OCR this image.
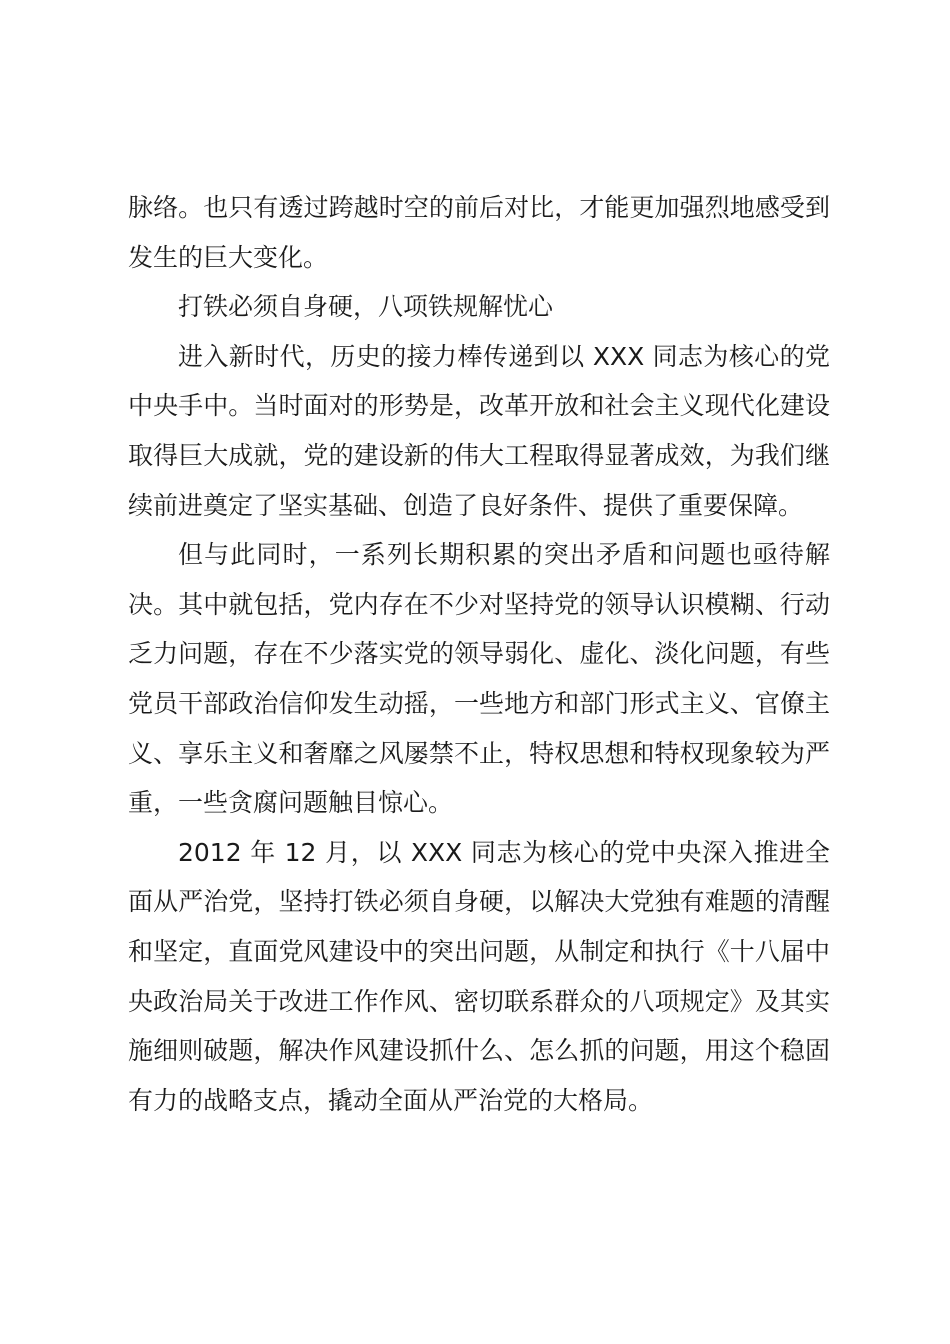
脉络。也只有透过跨越时空的前后对比，才能更加强烈地感受到发生的巨大变化。

打铁必须自身硬，八项铁规解忧心

进入新时代，历史的接力棒传递到以 XXX 同志为核心的党中央手中。当时面对的形势是，改革开放和社会主义现代化建设取得巨大成就，党的建设新的伟大工程取得显著成效，为我们继续前进奠定了坚实基础、创造了良好条件、提供了重要保障。

但与此同时，一系列长期积累的突出矛盾和问题也亟待解决。其中就包括，党内存在不少对坚持党的领导认识模糊、行动乏力问题，存在不少落实党的领导弱化、虚化、淡化问题，有些党员干部政治信仰发生动摇，一些地方和部门形式主义、官僚主义、享乐主义和奢靡之风屡禁不止，特权思想和特权现象较为严重，一些贪腐问题触目惊心。

2012 年 12 月，以 XXX 同志为核心的党中央深入推进全面从严治党，坚持打铁必须自身硬，以解决大党独有难题的清醒和坚定，直面党风建设中的突出问题，从制定和执行《十八届中央政治局关于改进工作作风、密切联系群众的八项规定》及其实施细则破题，解决作风建设抓什么、怎么抓的问题，用这个稳固有力的战略支点，撬动全面从严治党的大格局。
